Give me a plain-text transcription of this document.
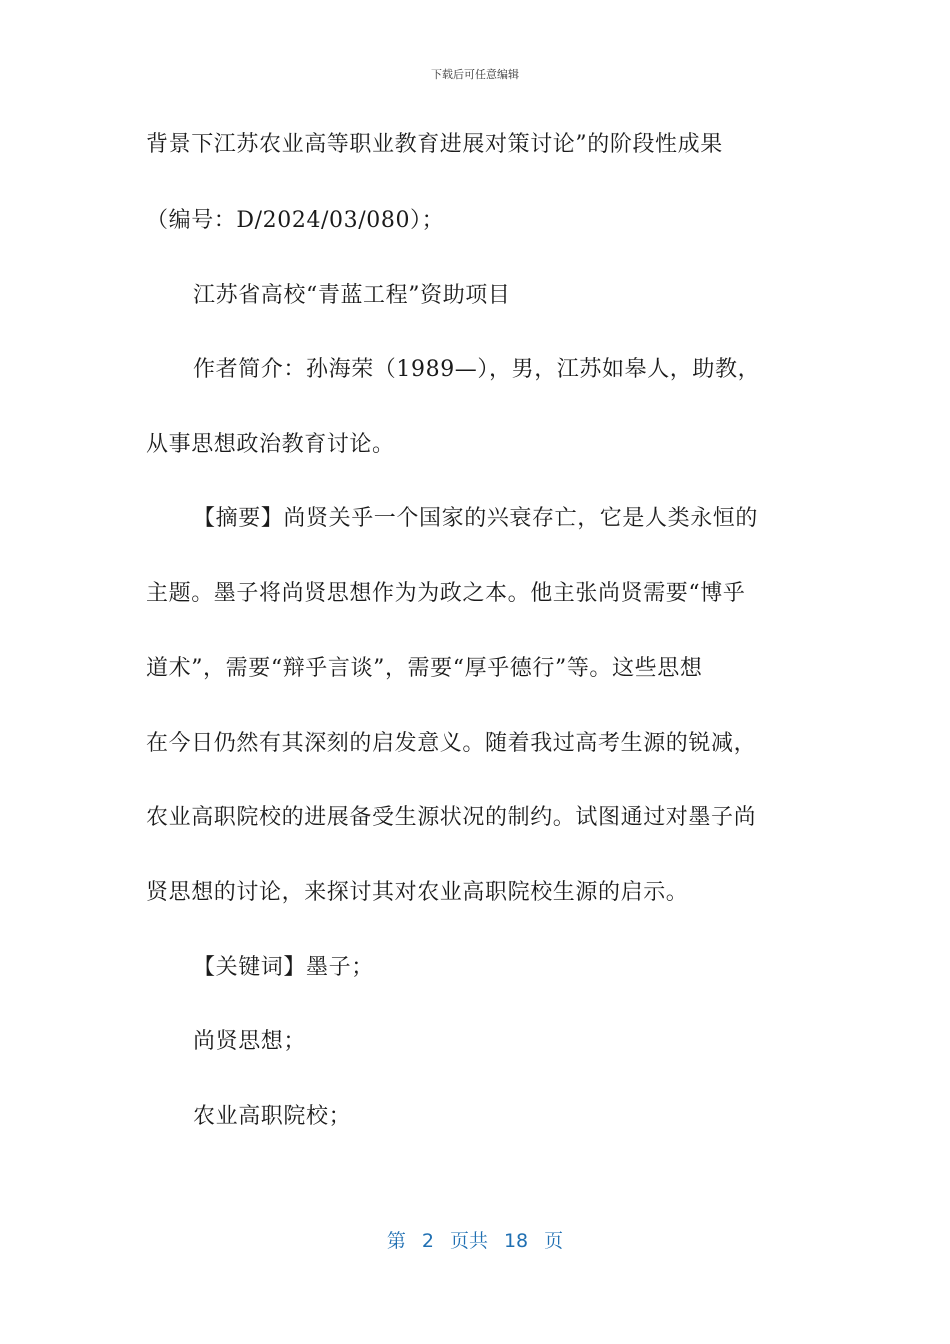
下载后可任意编辑
背景下江苏农业高等职业教育进展对策讨论”的阶段性成果
（编号：D/2024/03/080）；
江苏省高校“青蓝工程”资助项目
作者简介：孙海荣（1989—），男，江苏如皋人，助教，
从事思想政治教育讨论。
【摘要】尚贤关乎一个国家的兴衰存亡，它是人类永恒的
主题。墨子将尚贤思想作为为政之本。他主张尚贤需要“博乎
道术”，需要“辩乎言谈”，需要“厚乎德行”等。这些思想
在今日仍然有其深刻的启发意义。随着我过高考生源的锐减，
农业高职院校的进展备受生源状况的制约。试图通过对墨子尚
贤思想的讨论，来探讨其对农业高职院校生源的启示。
【关键词】墨子；
尚贤思想；
农业高职院校；
第 2 页共 18 页
